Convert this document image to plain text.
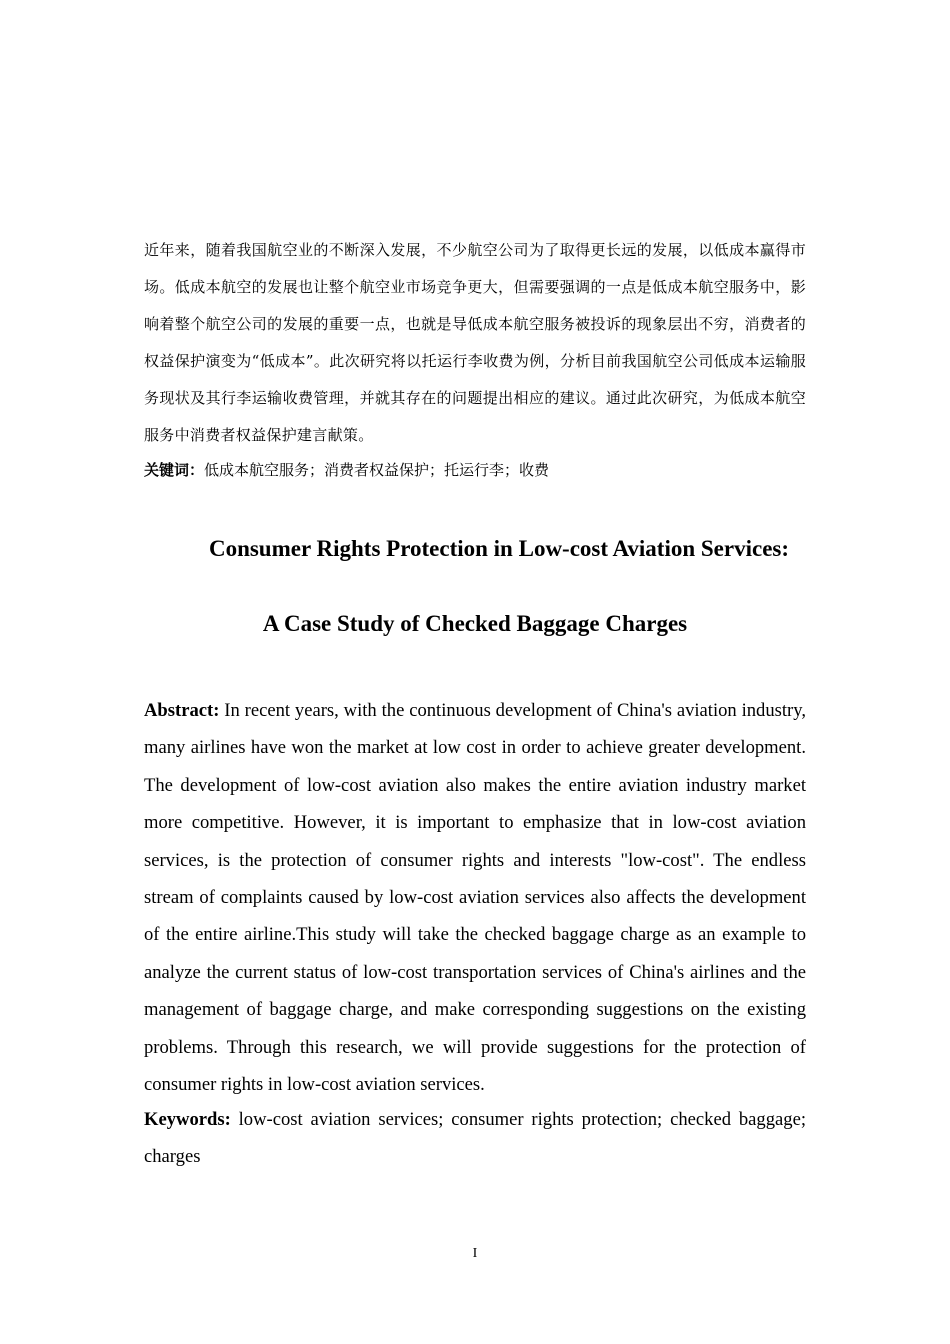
近年来，随着我国航空业的不断深入发展，不少航空公司为了取得更长远的发展，以低成本赢得市场。低成本航空的发展也让整个航空业市场竞争更大，但需要强调的一点是低成本航空服务中，影响着整个航空公司的发展的重要一点，也就是导低成本航空服务被投诉的现象层出不穷，消费者的权益保护演变为“低成本”。此次研究将以托运行李收费为例，分析目前我国航空公司低成本运输服务现状及其行李运输收费管理，并就其存在的问题提出相应的建议。通过此次研究，为低成本航空服务中消费者权益保护建言献策。

关键词：低成本航空服务；消费者权益保护；托运行李；收费

Consumer Rights Protection in Low-cost Aviation Services:
A Case Study of Checked Baggage Charges

Abstract: In recent years, with the continuous development of China's aviation industry, many airlines have won the market at low cost in order to achieve greater development. The development of low-cost aviation also makes the entire aviation industry market more competitive. However, it is important to emphasize that in low-cost aviation services, is the protection of consumer rights and interests "low-cost". The endless stream of complaints caused by low-cost aviation services also affects the development of the entire airline.This study will take the checked baggage charge as an example to analyze the current status of low-cost transportation services of China's airlines and the management of baggage charge, and make corresponding suggestions on the existing problems. Through this research, we will provide suggestions for the protection of consumer rights in low-cost aviation services.

Keywords: low-cost aviation services; consumer rights protection; checked baggage; charges

I
